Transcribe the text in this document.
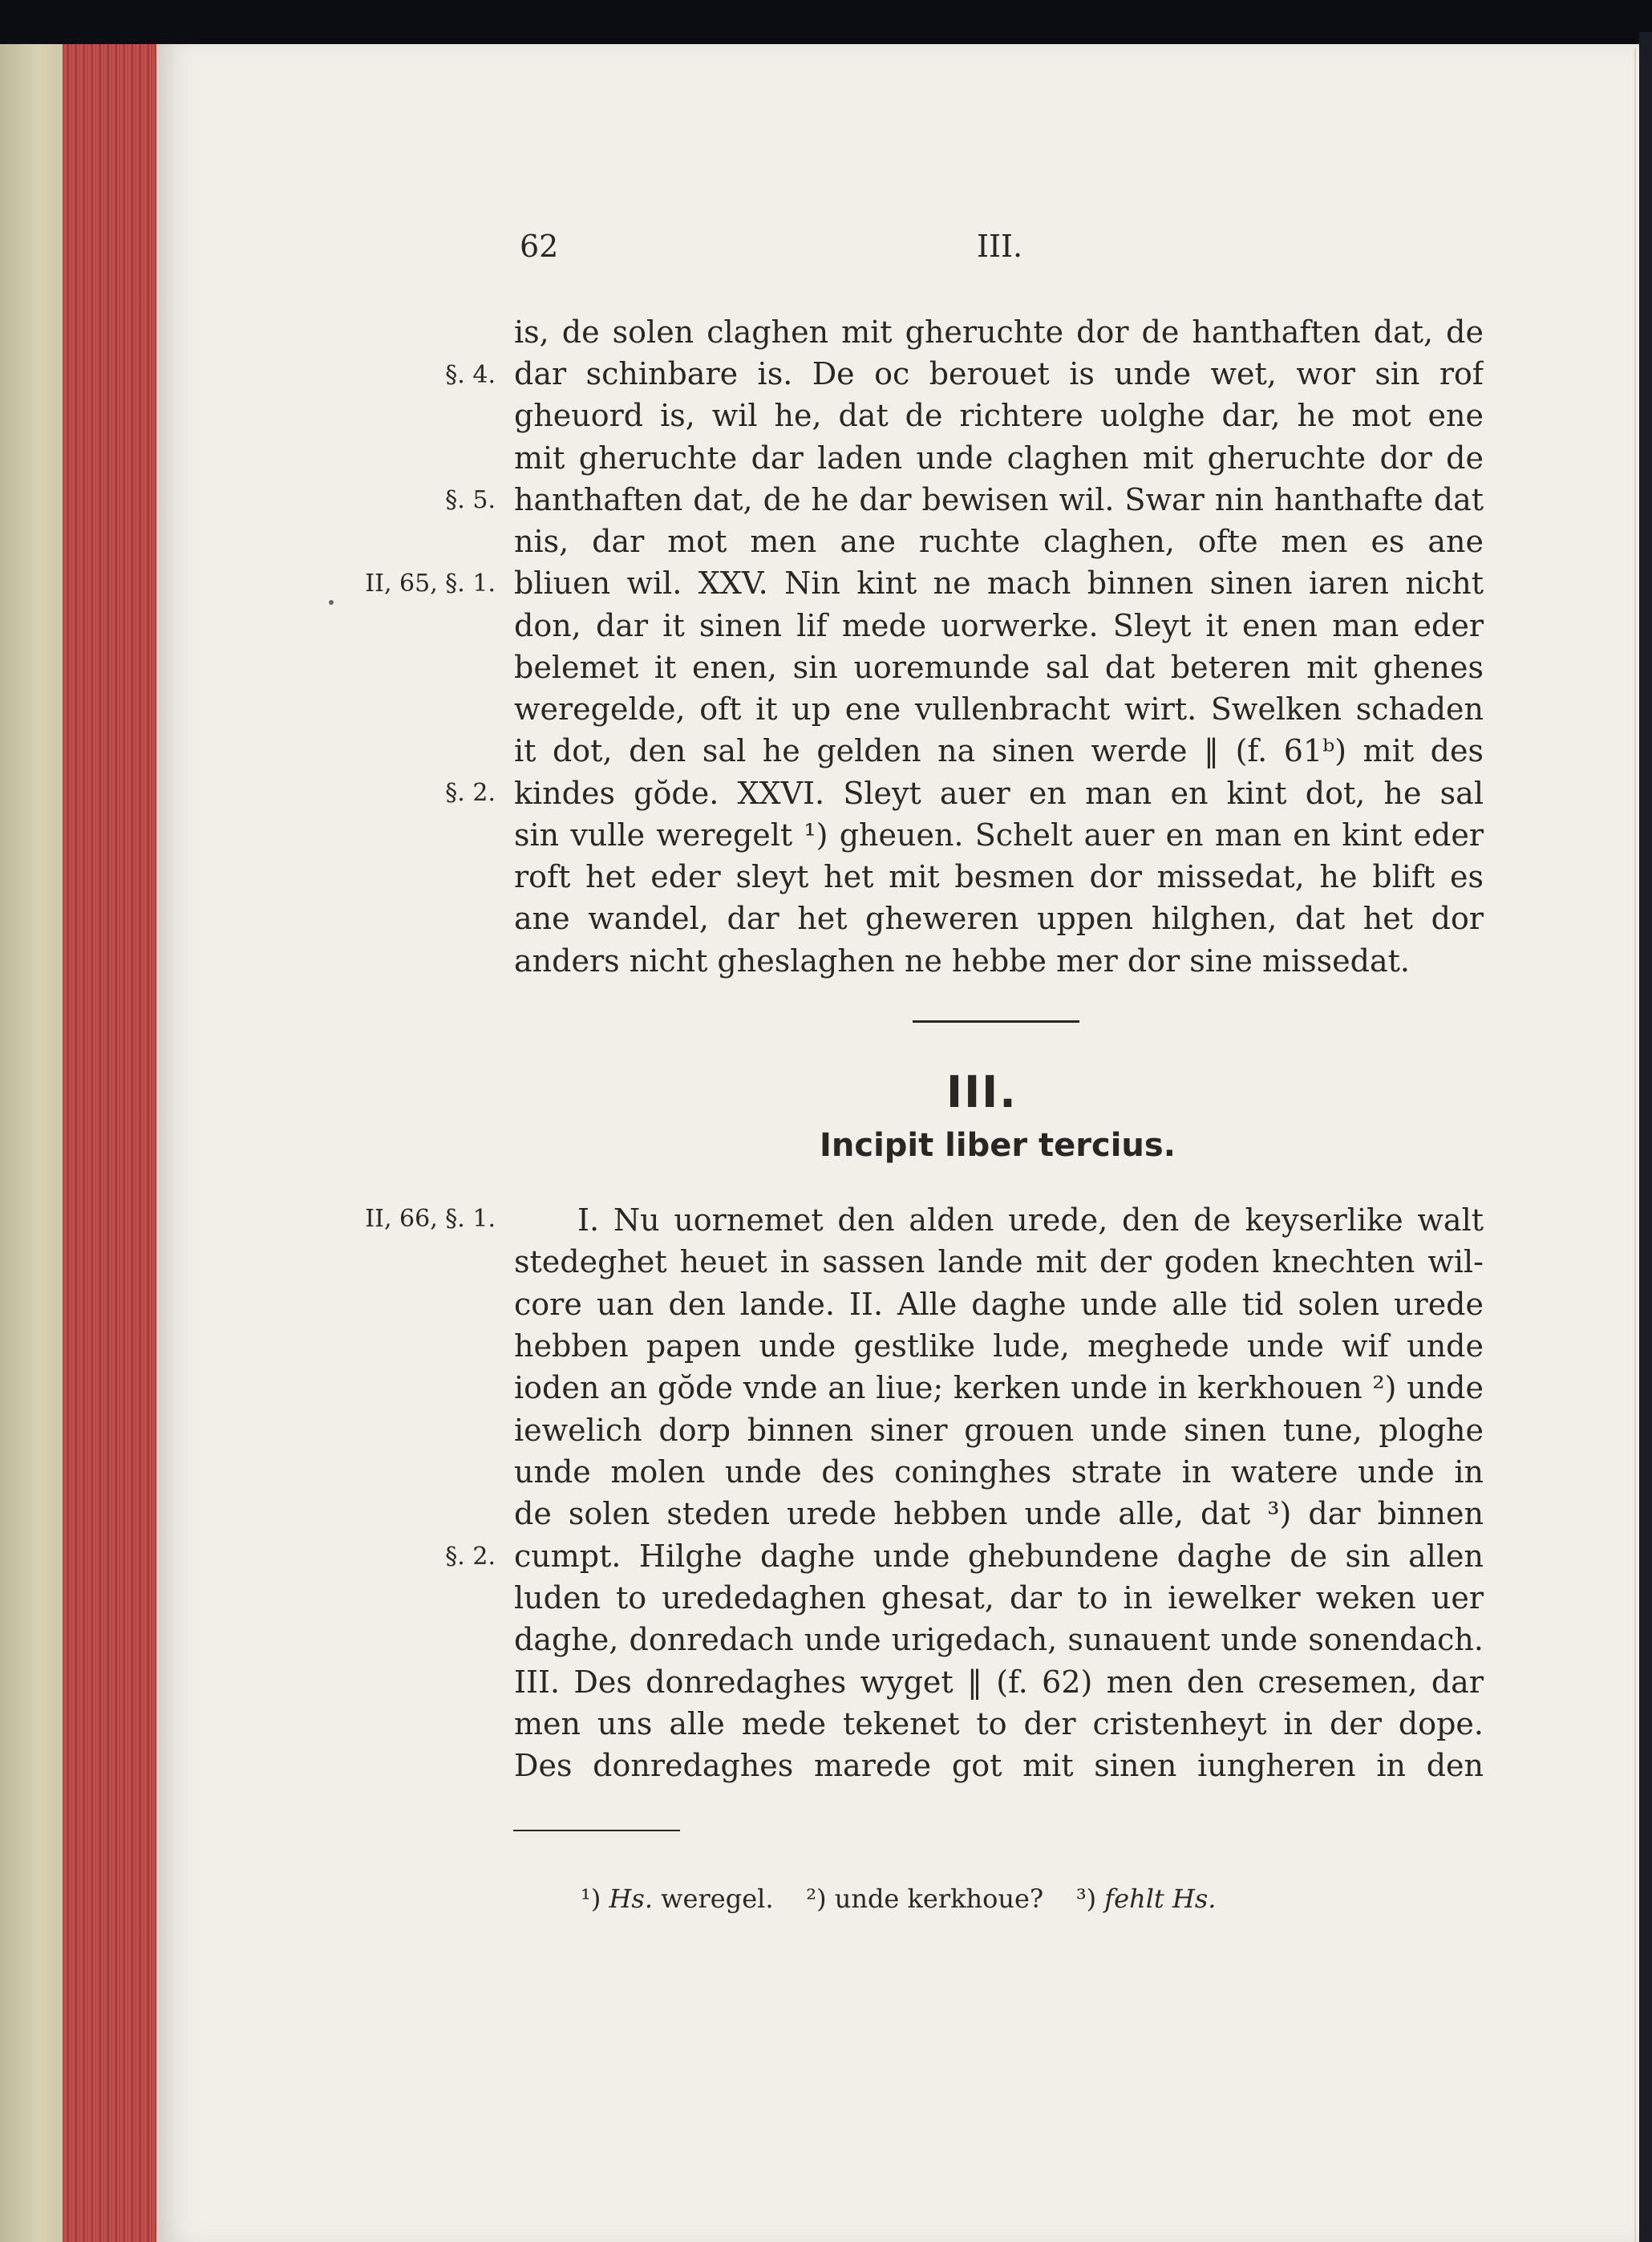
62	III.
§. 4.
§. 5.
II, 65, §. 1.
§. 2.
II, 66, §. 1.
§. 2.
is, de solen claghen mit gheruchte dor de hanthaften dat, de
dar schinbare is. De oc berouet is unde wet, wor sin rof
gheuord is, wil he, dat de richtere uolghe dar, he mot ene
mit gheruchte dar laden unde claghen mit gheruchte dor de
hanthaften dat, de he dar bewisen wil. Swar nin hanthafte dat
nis, dar mot men ane ruchte claghen, ofte men es ane
bliuen wil. XXV. Nin kint ne mach binnen sinen iaren nicht
don, dar it sinen lif mede uorwerke. Sleyt it enen man eder
belemet it enen, sin uoremunde sal dat beteren mit ghenes
weregelde, oft it up ene vullenbracht wirt. Swelken schaden
it dot, den sal he gelden na sinen werde ‖ (f. 61ᵇ) mit des
kindes gŏde. XXVI. Sleyt auer en man en kint dot, he sal
sin vulle weregelt ¹) gheuen. Schelt auer en man en kint eder
roft het eder sleyt het mit besmen dor missedat, he blift es
ane wandel, dar het gheweren uppen hilghen, dat het dor
anders nicht gheslaghen ne hebbe mer dor sine missedat.
III.
Incipit liber tercius.
I. Nu uornemet den alden urede, den de keyserlike walt
stedeghet heuet in sassen lande mit der goden knechten wil-
core uan den lande. II. Alle daghe unde alle tid solen urede
hebben papen unde gestlike lude, meghede unde wif unde
ioden an gŏde vnde an liue; kerken unde in kerkhouen ²) unde
iewelich dorp binnen siner grouen unde sinen tune, ploghe
unde molen unde des coninghes strate in watere unde in
de solen steden urede hebben unde alle, dat ³) dar binnen
cumpt. Hilghe daghe unde ghebundene daghe de sin allen
luden to urededaghen ghesat, dar to in iewelker weken uer
daghe, donredach unde urigedach, sunauent unde sonendach.
III. Des donredaghes wyget ‖ (f. 62) men den cresemen, dar
men uns alle mede tekenet to der cristenheyt in der dope.
Des donredaghes marede got mit sinen iungheren in den
¹) Hs. weregel. ²) unde kerkhoue? ³) fehlt Hs.
